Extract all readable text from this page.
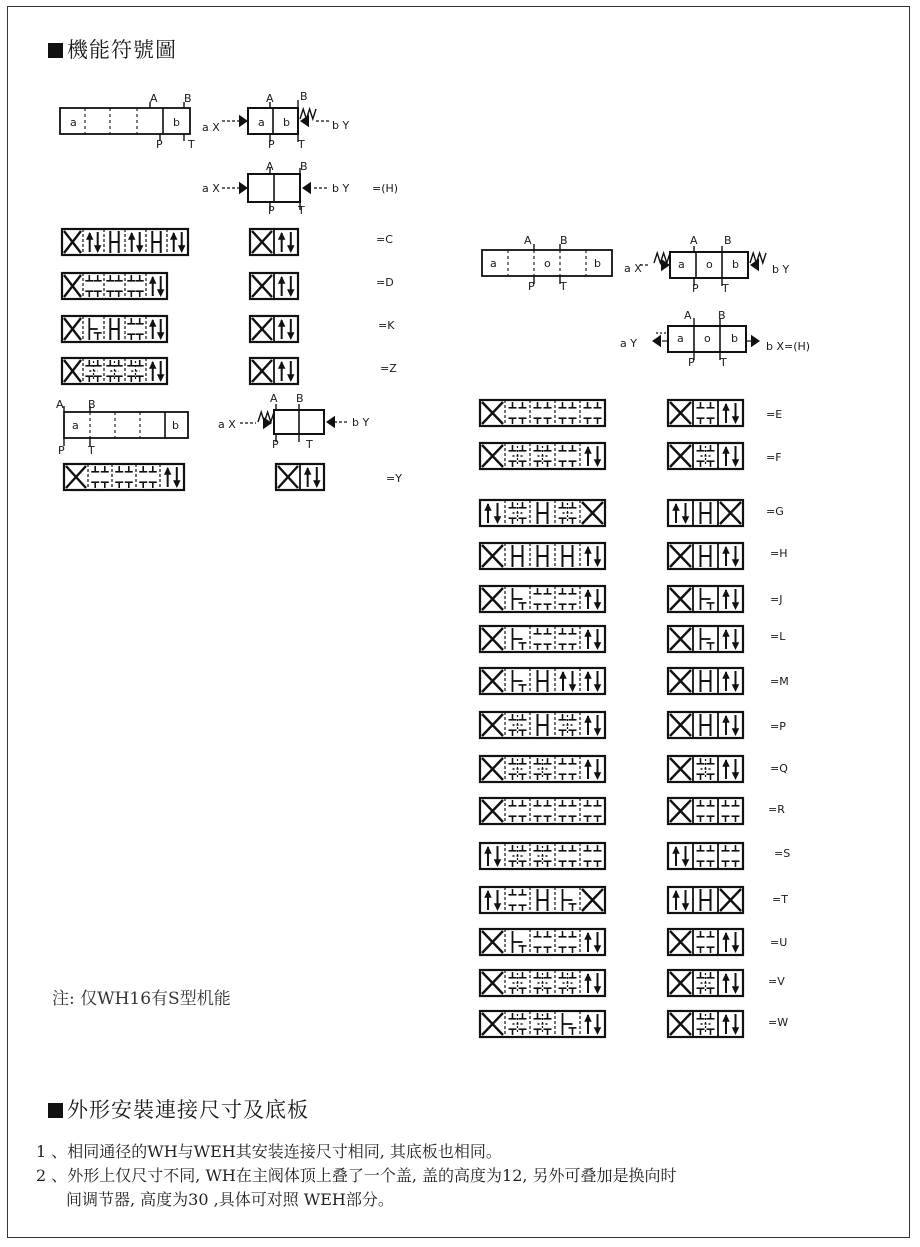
機能符號圖
=C
=D
=K
=Z
=Y
=E
=F
=G
=H
=J
=L
=M
=P
=Q
=R
=S
=T
=U
=V
=W
A B
P T
a	b
A B
P T
a b
a X	b Y
A B
P T
a X	b Y =(H)
A B
P T
a	b
A B
P T
a X	b Y
A	B
P T
a	o	b
A B
P T
a o b
a X	b Y
A B
P T
a o b
a Y	b X=(H)
注: 仅WH16有S型机能
外形安裝連接尺寸及底板
1 、相同通径的WH与WEH其安装连接尺寸相同, 其底板也相同。
2 、外形上仅尺寸不同, WH在主阀体顶上叠了一个盖, 盖的高度为12, 另外可叠加是换向时
间调节器, 高度为30 ,具体可对照 WEH部分。
